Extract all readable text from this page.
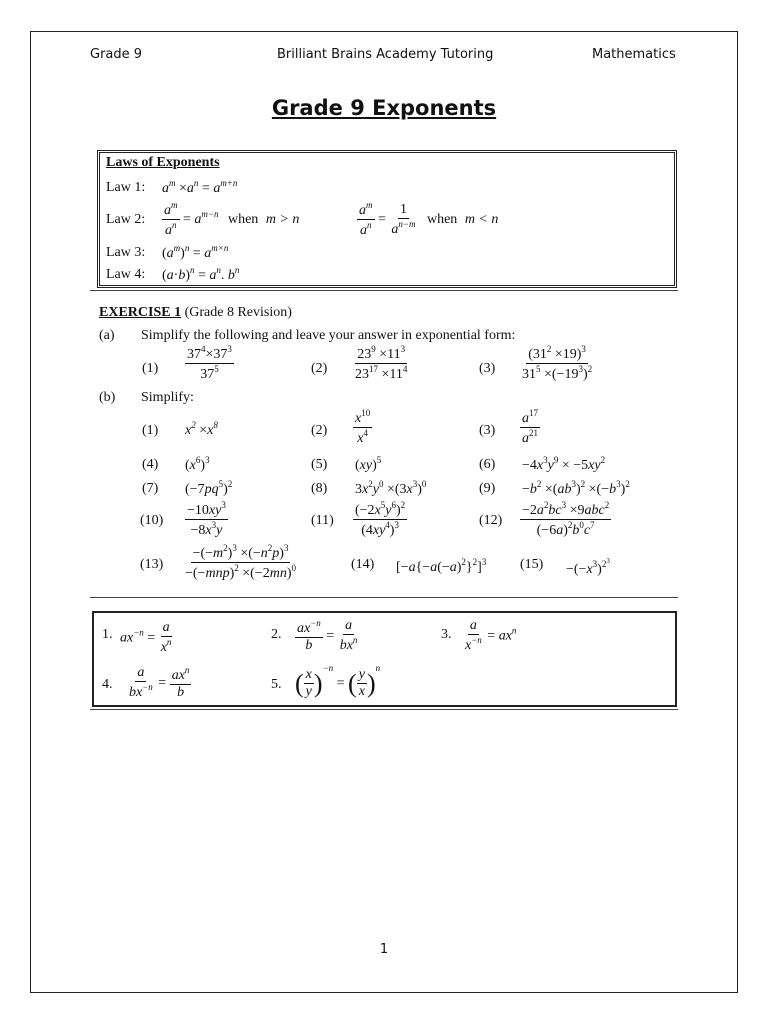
Grade 9	Brilliant Brains Academy Tutoring	Mathematics
Grade 9 Exponents
Laws of Exponents
Law 1: $a^m \times a^n = a^{m+n}$
Law 2: $\frac{a^m}{a^n} = a^{m-n}$ when m > n	$\frac{a^m}{a^n} = \frac{1}{a^{n-m}}$ when m < n
Law 3: $(a^m)^n = a^{m\times n}$
Law 4: $(a\cdot b)^n = a^n$. $b^n$
EXERCISE 1 (Grade 8 Revision)
(a) Simplify the following and leave your answer in exponential form:
$(1) \frac{37^4\times 37^3}{37^5}$	$(2) \frac{23^9 \times 11^3}{23^{17} \times 11^4}$	$(3) \frac{(31^2 \times 19)^3}{31^5 \times(-19^3)^2}$
(b) Simplify:
(1) $x^2 \times x^8$	$(2) \frac{x^{10}}{x^4}$	$(3) \frac{a^{17}}{a^{21}}$
(4) $(x^6)^3$	(5) (xy)$^5$	$(6) -4x^3y^9 \times -5xy^2$
(7) $(-7pq^5)^2$	(8) $3x^2y^0 \times(3x^3)^0$	$(9) -b^2 \times(ab^3)^2 \times(-b^3)^2$
$(10) \frac{-10xy^3}{-8x^3y}$	$(11) \frac{(-2x^5y^6)^2}{(4xy^4)^3}$	$(12) \frac{-2a^2bc^3 \times 9abc^2}{(-6a)^2b^0c^7}$
$(13) \frac{-(-m^2)^3 \times(-n^2p)^3}{-(-mnp)^2 \times(-2mn)^0}$	(14) $[-a\{-a(-a)^2\}^2]^3$ $(15) -(-x^3)^{2^3}$
1. $ax^{-n} = \frac{a}{x^n}$	2. $\frac{ax^{-n}}{b} = \frac{a}{bx^n}$	3. $\frac{a}{x^{-n}} = ax^n$
4. $\frac{a}{bx^{-n}} = \frac{ax^n}{b}$	5. ( $\frac{x}{y} )^{-n}$ = ( $\frac{y}{x} )^n$
1
